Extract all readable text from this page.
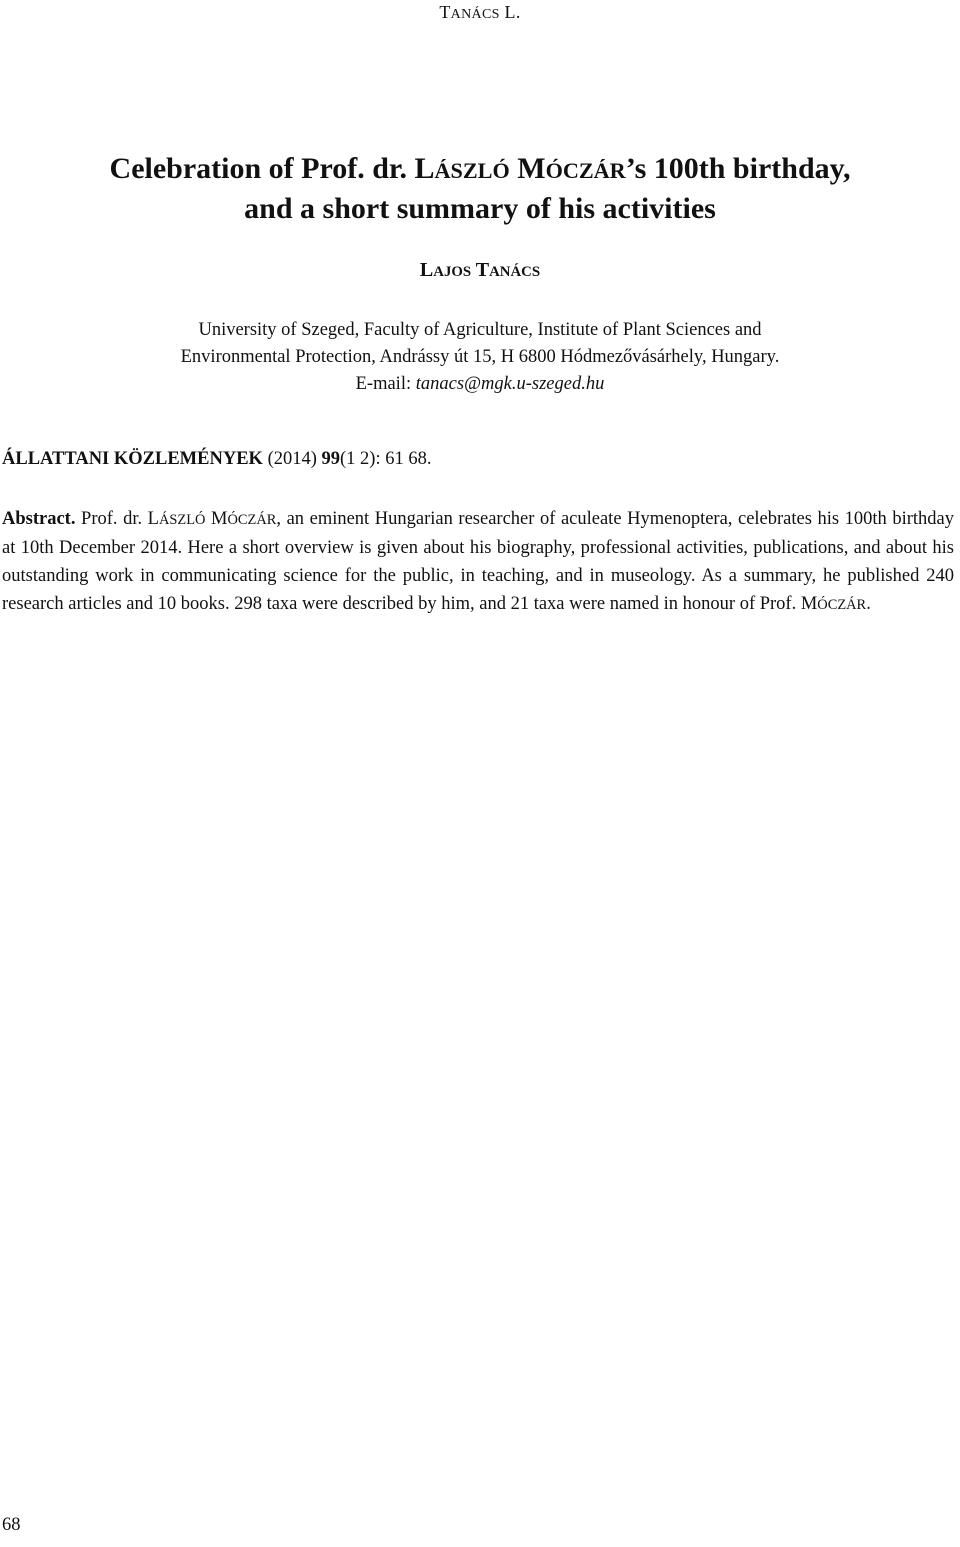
TANÁCS L.
Celebration of Prof. dr. LÁSZLÓ MÓCZÁR’s 100th birthday,
and a short summary of his activities
LAJOS TANÁCS
University of Szeged, Faculty of Agriculture, Institute of Plant Sciences and
Environmental Protection, Andrássy út 15, H 6800 Hódmezővásárhely, Hungary.
E-mail: tanacs@mgk.u-szeged.hu
ÁLLATTANI KÖZLEMÉNYEK (2014) 99(1 2): 61 68.
Abstract. Prof. dr. LÁSZLÓ MÓCZÁR, an eminent Hungarian researcher of aculeate Hymenoptera, celebrates his 100th birthday at 10th December 2014. Here a short overview is given about his biography, professional activities, publications, and about his outstanding work in communicating science for the public, in teaching, and in museology. As a summary, he published 240 research articles and 10 books. 298 taxa were described by him, and 21 taxa were named in honour of Prof. MÓCZÁR.
68
